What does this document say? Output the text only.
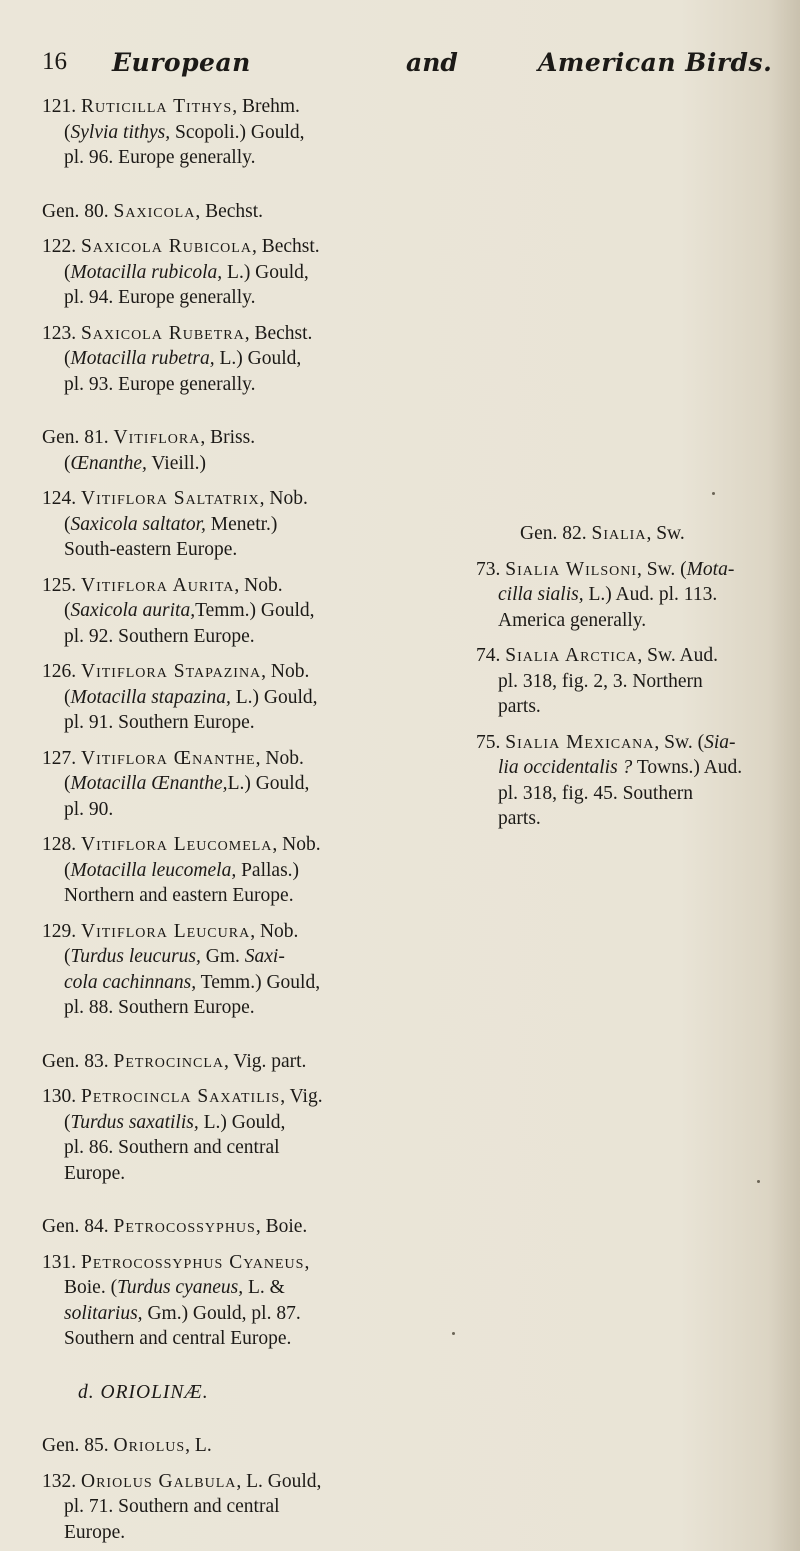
16 European	and	American Birds.
121. Ruticilla Tithys, Brehm.
(Sylvia tithys, Scopoli.) Gould,
pl. 96. Europe generally.
Gen. 80. Saxicola, Bechst.
122. Saxicola Rubicola, Bechst.
(Motacilla rubicola, L.) Gould,
pl. 94. Europe generally.
123. Saxicola Rubetra, Bechst.
(Motacilla rubetra, L.) Gould,
pl. 93. Europe generally.
Gen. 81. Vitiflora, Briss.
(Œnanthe, Vieill.)
124. Vitiflora Saltatrix, Nob.
(Saxicola saltator, Menetr.)
South-eastern Europe.
125. Vitiflora Aurita, Nob.
(Saxicola aurita,Temm.) Gould,
pl. 92. Southern Europe.
126. Vitiflora Stapazina, Nob.
(Motacilla stapazina, L.) Gould,
pl. 91. Southern Europe.
127. Vitiflora Œnanthe, Nob.
(Motacilla Œnanthe,L.) Gould,
pl. 90.
128. Vitiflora Leucomela, Nob.
(Motacilla leucomela, Pallas.)
Northern and eastern Europe.
129. Vitiflora Leucura, Nob.
(Turdus leucurus, Gm. Saxi-
cola cachinnans, Temm.) Gould,
pl. 88. Southern Europe.
Gen. 83. Petrocincla, Vig. part.
130. Petrocincla Saxatilis, Vig.
(Turdus saxatilis, L.) Gould,
pl. 86. Southern and central
Europe.
Gen. 84. Petrocossyphus, Boie.
131. Petrocossyphus Cyaneus,
Boie. (Turdus cyaneus, L. &
solitarius, Gm.) Gould, pl. 87.
Southern and central Europe.
d. ORIOLINÆ.
Gen. 85. Oriolus, L.
132. Oriolus Galbula, L. Gould,
pl. 71. Southern and central
Europe.
Gen. 82. Sialia, Sw.
73. Sialia Wilsoni, Sw. (Mota-
cilla sialis, L.) Aud. pl. 113.
America generally.
74. Sialia Arctica, Sw. Aud.
pl. 318, fig. 2, 3. Northern
parts.
75. Sialia Mexicana, Sw. (Sia-
lia occidentalis ? Towns.) Aud.
pl. 318, fig. 45. Southern
parts.
